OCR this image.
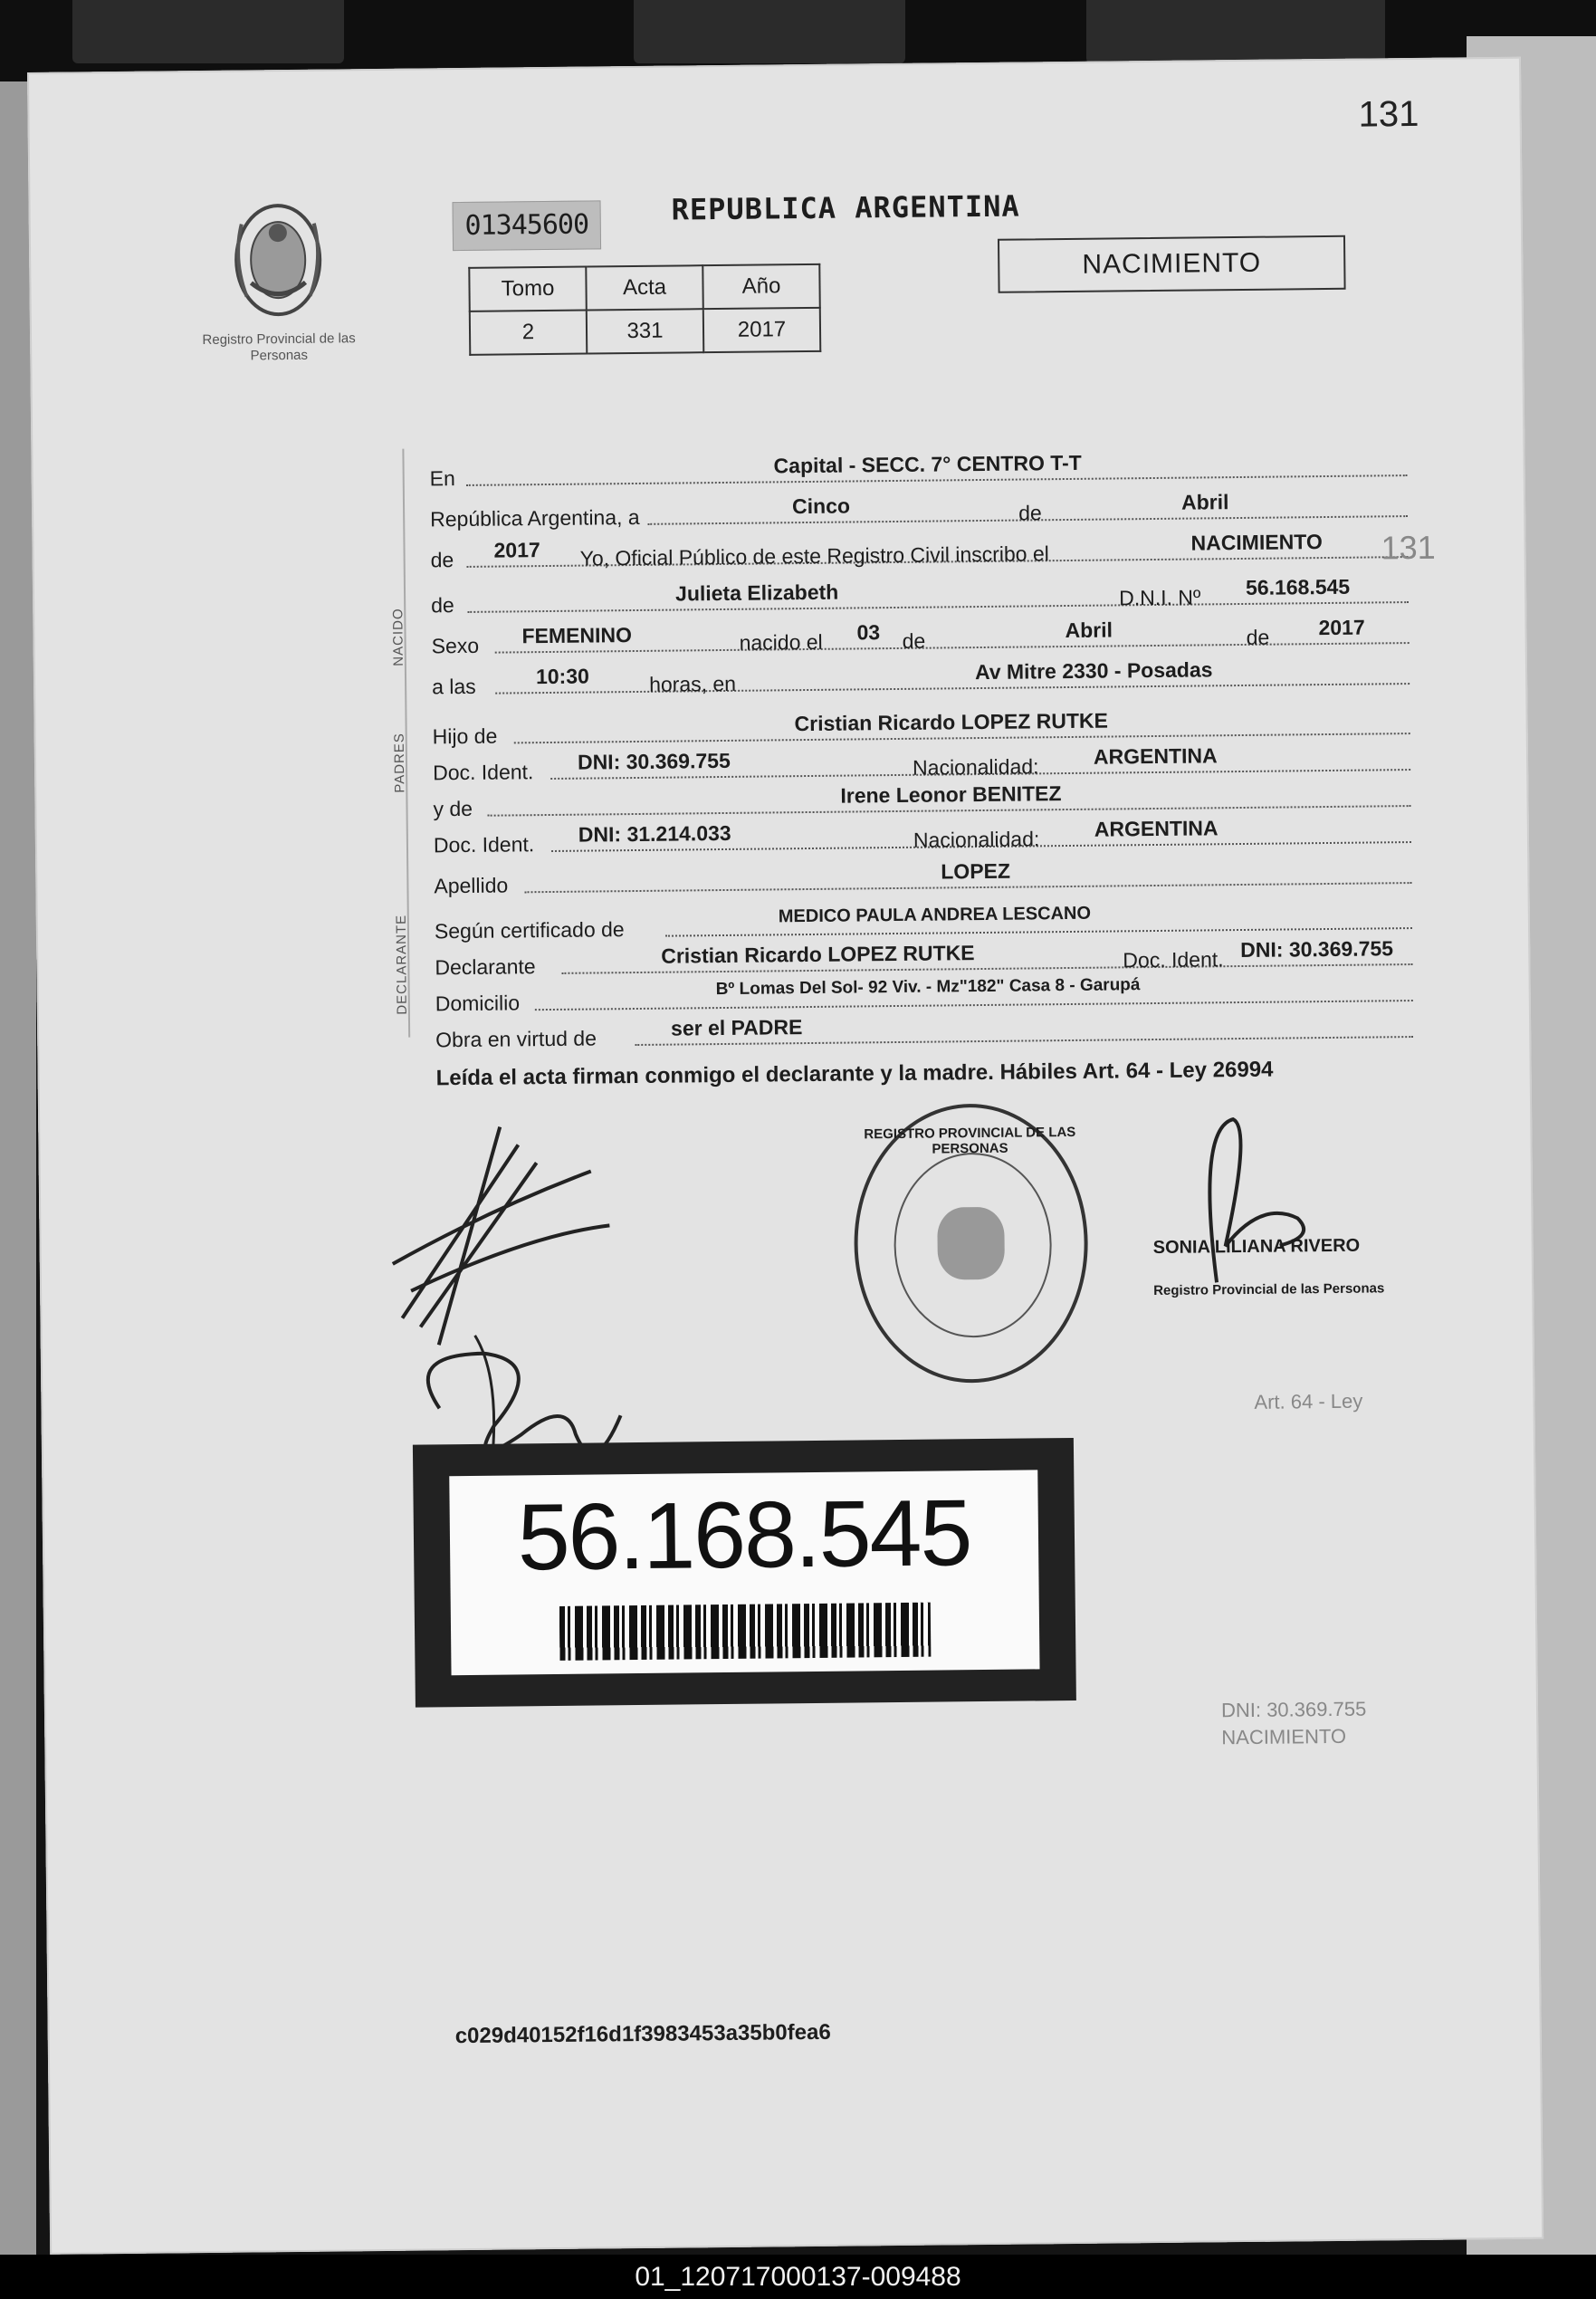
131
Registro Provincial de las Personas
01345600	REPUBLICA ARGENTINA
Tomo	Acta	Año
2	331	2017
NACIMIENTO
NACIDO
PADRES
DECLARANTE
En
Capital - SECC. 7° CENTRO T-T
República Argentina, a	Cinco	de	Abril
de 2017 Yo, Oficial Público de este Registro Civil inscribo el	NACIMIENTO
de	Julieta Elizabeth	D.N.I. Nº 56.168.545
Sexo FEMENINO	nacido el 03 de	Abril	de 2017
a las	10:30	horas, en
Av Mitre 2330 - Posadas
Hijo de
Cristian Ricardo LOPEZ RUTKE
Doc. Ident. DNI: 30.369.755	Nacionalidad:	ARGENTINA
y de
Irene Leonor BENITEZ
Doc. Ident. DNI: 31.214.033	Nacionalidad:	ARGENTINA
Apellido
LOPEZ
Según certificado de
MEDICO PAULA ANDREA LESCANO
Declarante	Cristian Ricardo LOPEZ RUTKE	Doc. Ident. DNI: 30.369.755
Domicilio
Bº Lomas Del Sol- 92 Viv. - Mz"182" Casa 8 - Garupá
Obra en virtud de	ser el PADRE
Leída el acta firman conmigo el declarante y la madre. Hábiles Art. 64 - Ley 26994
REGISTRO PROVINCIAL DE LAS PERSONAS
SONIA LILIANA RIVERO
Registro Provincial de las Personas
131
Art. 64 - Ley
DNI: 30.369.755
NACIMIENTO
56.168.545
c029d40152f16d1f3983453a35b0fea6
01_120717000137-009488
